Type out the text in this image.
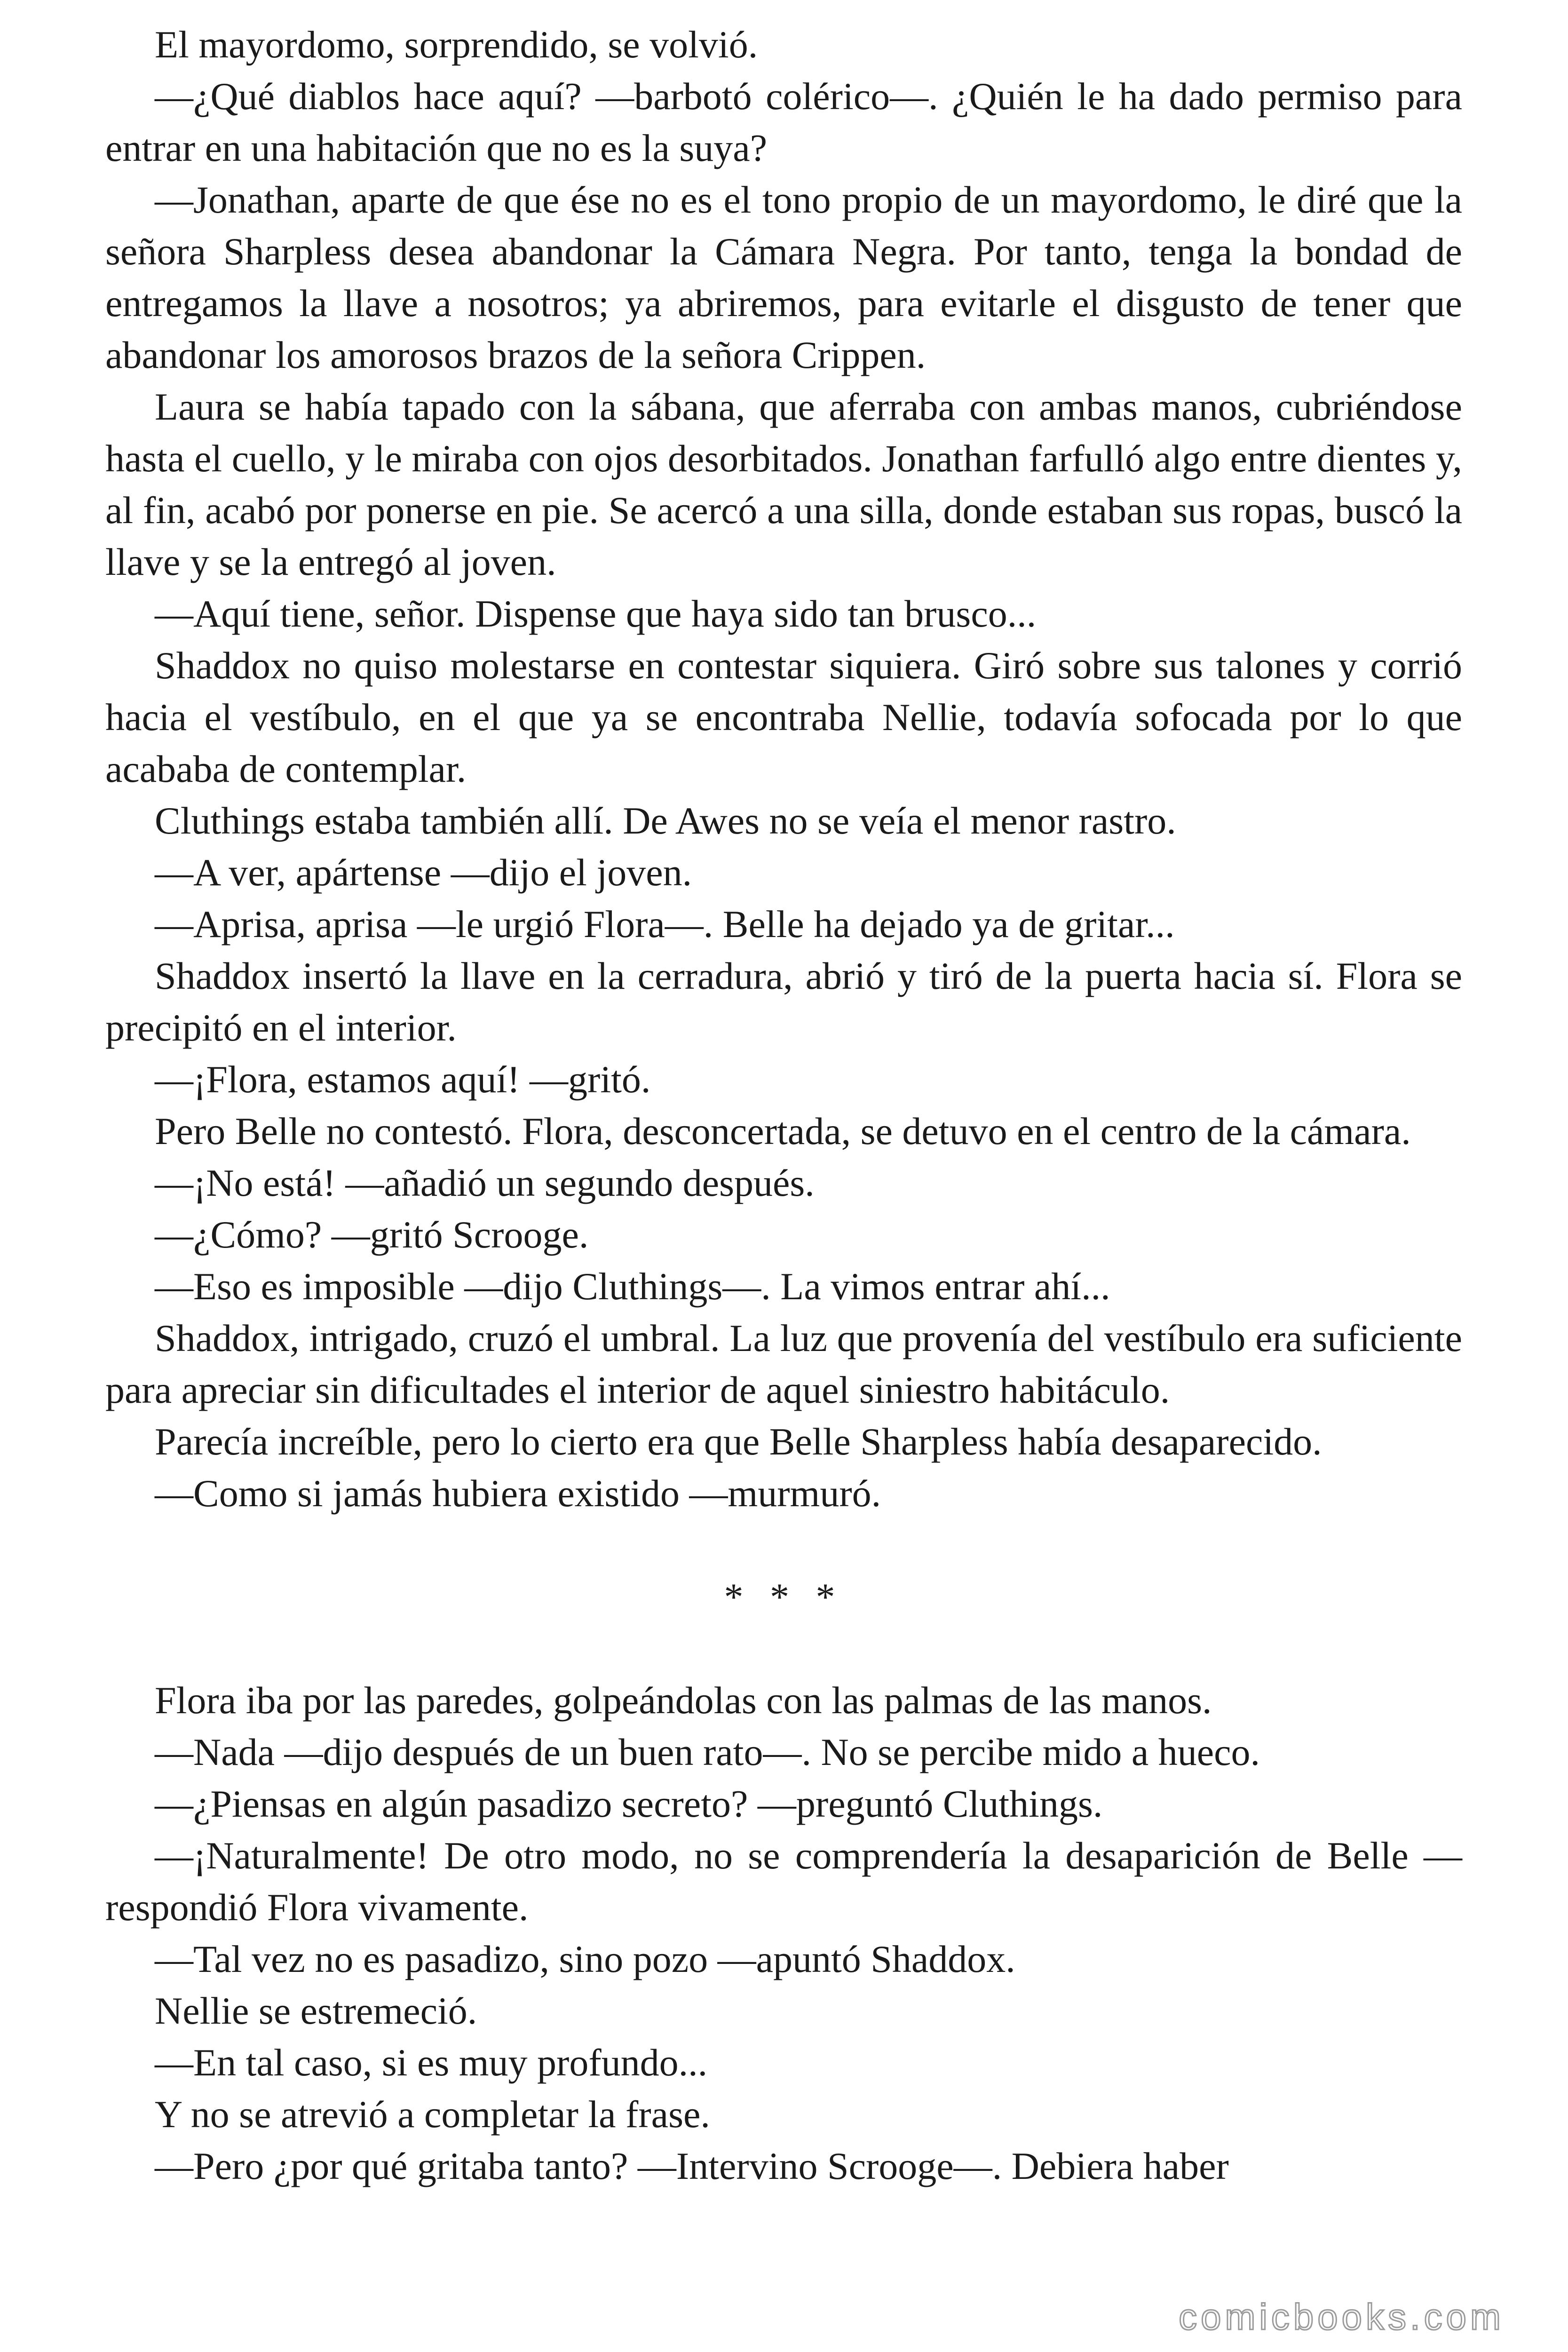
El mayordomo, sorprendido, se volvió.

—¿Qué diablos hace aquí? —barbotó colérico—. ¿Quién le ha dado permiso para entrar en una habitación que no es la suya?

—Jonathan, aparte de que ése no es el tono propio de un mayordomo, le diré que la señora Sharpless desea abandonar la Cámara Negra. Por tanto, tenga la bondad de entregamos la llave a nosotros; ya abriremos, para evitarle el disgusto de tener que abandonar los amorosos brazos de la señora Crippen.

Laura se había tapado con la sábana, que aferraba con ambas manos, cubriéndose hasta el cuello, y le miraba con ojos desorbitados. Jonathan farfulló algo entre dientes y, al fin, acabó por ponerse en pie. Se acercó a una silla, donde estaban sus ropas, buscó la llave y se la entregó al joven.

—Aquí tiene, señor. Dispense que haya sido tan brusco...

Shaddox no quiso molestarse en contestar siquiera. Giró sobre sus talones y corrió hacia el vestíbulo, en el que ya se encontraba Nellie, todavía sofocada por lo que acababa de contemplar.

Cluthings estaba también allí. De Awes no se veía el menor rastro.

—A ver, apártense —dijo el joven.

—Aprisa, aprisa —le urgió Flora—. Belle ha dejado ya de gritar...

Shaddox insertó la llave en la cerradura, abrió y tiró de la puerta hacia sí. Flora se precipitó en el interior.

—¡Flora, estamos aquí! —gritó.

Pero Belle no contestó. Flora, desconcertada, se detuvo en el centro de la cámara.

—¡No está! —añadió un segundo después.

—¿Cómo? —gritó Scrooge.

—Eso es imposible —dijo Cluthings—. La vimos entrar ahí...

Shaddox, intrigado, cruzó el umbral. La luz que provenía del vestíbulo era suficiente para apreciar sin dificultades el interior de aquel siniestro habitáculo.

Parecía increíble, pero lo cierto era que Belle Sharpless había desaparecido.

—Como si jamás hubiera existido —murmuró.

* * *

Flora iba por las paredes, golpeándolas con las palmas de las manos.

—Nada —dijo después de un buen rato—. No se percibe mido a hueco.

—¿Piensas en algún pasadizo secreto? —preguntó Cluthings.

—¡Naturalmente! De otro modo, no se comprendería la desaparición de Belle —respondió Flora vivamente.

—Tal vez no es pasadizo, sino pozo —apuntó Shaddox.

Nellie se estremeció.

—En tal caso, si es muy profundo...

Y no se atrevió a completar la frase.

—Pero ¿por qué gritaba tanto? —Intervino Scrooge—. Debiera haber

comicbooks.com
